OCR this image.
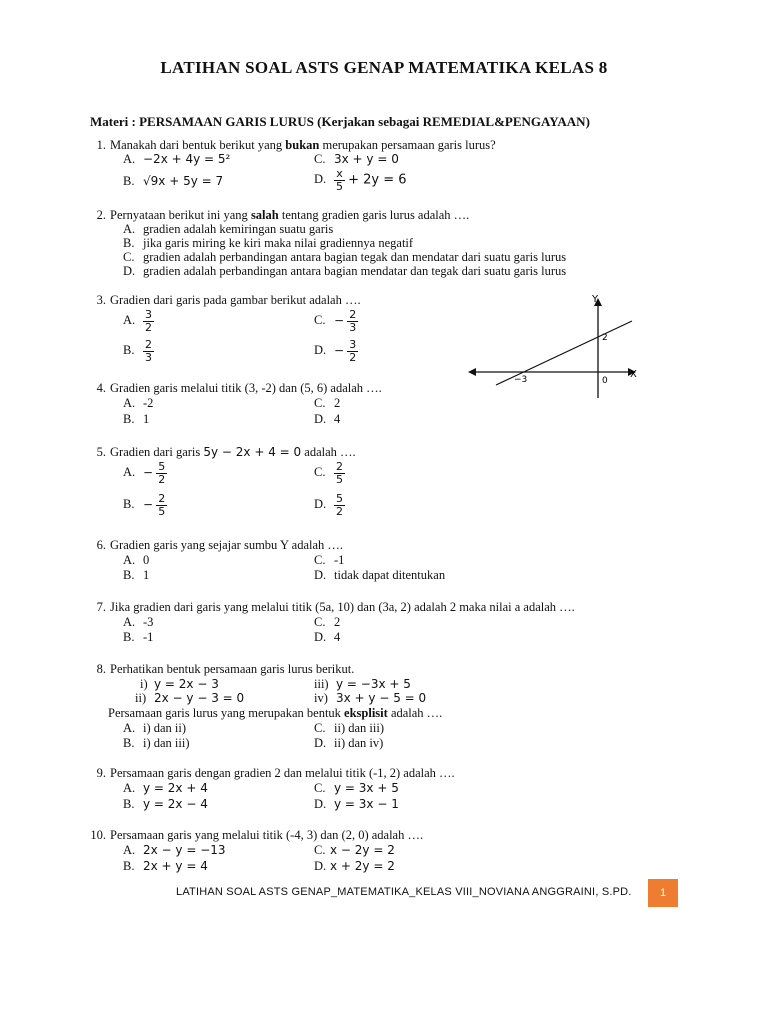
LATIHAN SOAL ASTS GENAP MATEMATIKA KELAS 8
Materi : PERSAMAAN GARIS LURUS (Kerjakan sebagai REMEDIAL&PENGAYAAN)
1. Manakah dari bentuk berikut yang bukan merupakan persamaan garis lurus?
A. −2x + 4y = 5²	C. 3x + y = 0
B. √9x + 5y = 7	D. $\frac{x}{5} + 2y = 6$
2. Pernyataan berikut ini yang salah tentang gradien garis lurus adalah ….
A. gradien adalah kemiringan suatu garis
B. jika garis miring ke kiri maka nilai gradiennya negatif
C. gradien adalah perbandingan antara bagian tegak dan mendatar dari suatu garis lurus
D. gradien adalah perbandingan antara bagian mendatar dan tegak dari suatu garis lurus
3. Gradien dari garis pada gambar berikut adalah ….
A. $\frac{3}{2}$	C. − $\frac{2}{3}$
B. $\frac{2}{3}$	D. − $\frac{3}{2}$
Y
X
2
−3	0
4. Gradien garis melalui titik (3, -2) dan (5, 6) adalah ….
A. -2	C. 2
B. 1	D. 4
5. Gradien dari garis 5y − 2x + 4 = 0 adalah ….
A. − $\frac{5}{2}$	C. $\frac{2}{5}$
B. − $\frac{2}{5}$	D. $\frac{5}{2}$
6. Gradien garis yang sejajar sumbu Y adalah ….
A. 0	C. -1
B. 1	D. tidak dapat ditentukan
7. Jika gradien dari garis yang melalui titik (5a, 10) dan (3a, 2) adalah 2 maka nilai a adalah ….
A. -3	C. 2
B. -1	D. 4
8. Perhatikan bentuk persamaan garis lurus berikut.
i) y = 2x − 3	iii) y = −3x + 5
ii) 2x − y − 3 = 0	iv) 3x + y − 5 = 0
Persamaan garis lurus yang merupakan bentuk eksplisit adalah ….
A. i) dan ii)	C. ii) dan iii)
B. i) dan iii)	D. ii) dan iv)
9. Persamaan garis dengan gradien 2 dan melalui titik (-1, 2) adalah ….
A. y = 2x + 4	C. y = 3x + 5
B. y = 2x − 4	D. y = 3x − 1
10. Persamaan garis yang melalui titik (-4, 3) dan (2, 0) adalah ….
A. 2x − y = −13	C. x − 2y = 2
B. 2x + y = 4	D. x + 2y = 2
LATIHAN SOAL ASTS GENAP_MATEMATIKA_KELAS VIII_NOVIANA ANGGRAINI, S.PD.	1
